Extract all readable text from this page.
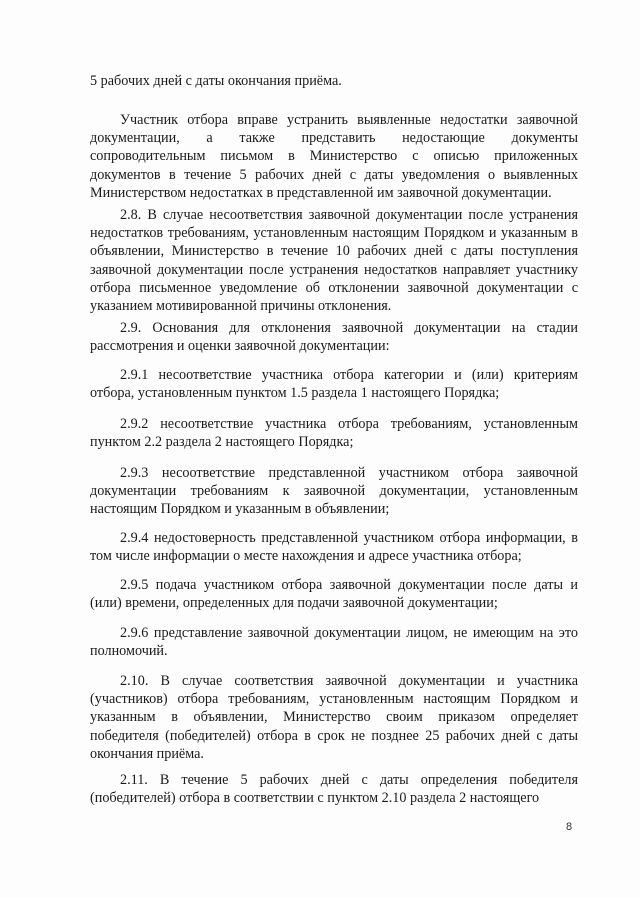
5 рабочих дней с даты окончания приёма.

Участник отбора вправе устранить выявленные недостатки заявочной документации, а также представить недостающие документы сопроводительным письмом в Министерство с описью приложенных документов в течение 5 рабочих дней с даты уведомления о выявленных Министерством недостатках в представленной им заявочной документации.

2.8. В случае несоответствия заявочной документации после устранения недостатков требованиям, установленным настоящим Порядком и указанным в объявлении, Министерство в течение 10 рабочих дней с даты поступления заявочной документации после устранения недостатков направляет участнику отбора письменное уведомление об отклонении заявочной документации с указанием мотивированной причины отклонения.

2.9. Основания для отклонения заявочной документации на стадии рассмотрения и оценки заявочной документации:

2.9.1 несоответствие участника отбора категории и (или) критериям отбора, установленным пунктом 1.5 раздела 1 настоящего Порядка;

2.9.2 несоответствие участника отбора требованиям, установленным пунктом 2.2 раздела 2 настоящего Порядка;

2.9.3 несоответствие представленной участником отбора заявочной документации требованиям к заявочной документации, установленным настоящим Порядком и указанным в объявлении;

2.9.4 недостоверность представленной участником отбора информации, в том числе информации о месте нахождения и адресе участника отбора;

2.9.5 подача участником отбора заявочной документации после даты и (или) времени, определенных для подачи заявочной документации;

2.9.6 представление заявочной документации лицом, не имеющим на это полномочий.

2.10. В случае соответствия заявочной документации и участника (участников) отбора требованиям, установленным настоящим Порядком и указанным в объявлении, Министерство своим приказом определяет победителя (победителей) отбора в срок не позднее 25 рабочих дней с даты окончания приёма.

2.11. В течение 5 рабочих дней с даты определения победителя (победителей) отбора в соответствии с пунктом 2.10 раздела 2 настоящего

8
